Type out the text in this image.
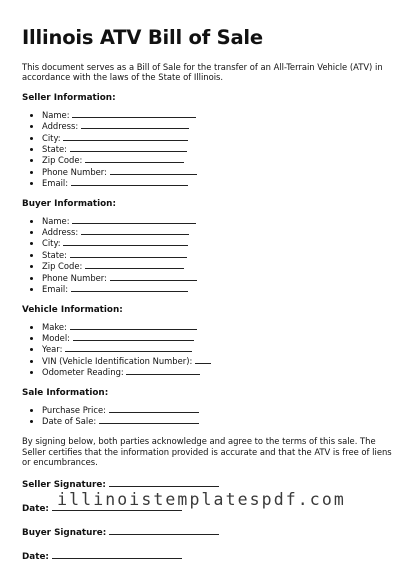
Illinois ATV Bill of Sale

This document serves as a Bill of Sale for the transfer of an All-Terrain Vehicle (ATV) in accordance with the laws of the State of Illinois.

Seller Information:
• Name:
• Address:
• City:
• State:
• Zip Code:
• Phone Number:
• Email:
Buyer Information:
• Name:
• Address:
• City:
• State:
• Zip Code:
• Phone Number:
• Email:
Vehicle Information:
• Make:
• Model:
• Year:
• VIN (Vehicle Identification Number):
• Odometer Reading:
Sale Information:
• Purchase Price:
• Date of Sale:

By signing below, both parties acknowledge and agree to the terms of this sale. The Seller certifies that the information provided is accurate and that the ATV is free of liens or encumbrances.

Seller Signature:
Date:
Buyer Signature:
Date:
illinoistemplatespdf.com
